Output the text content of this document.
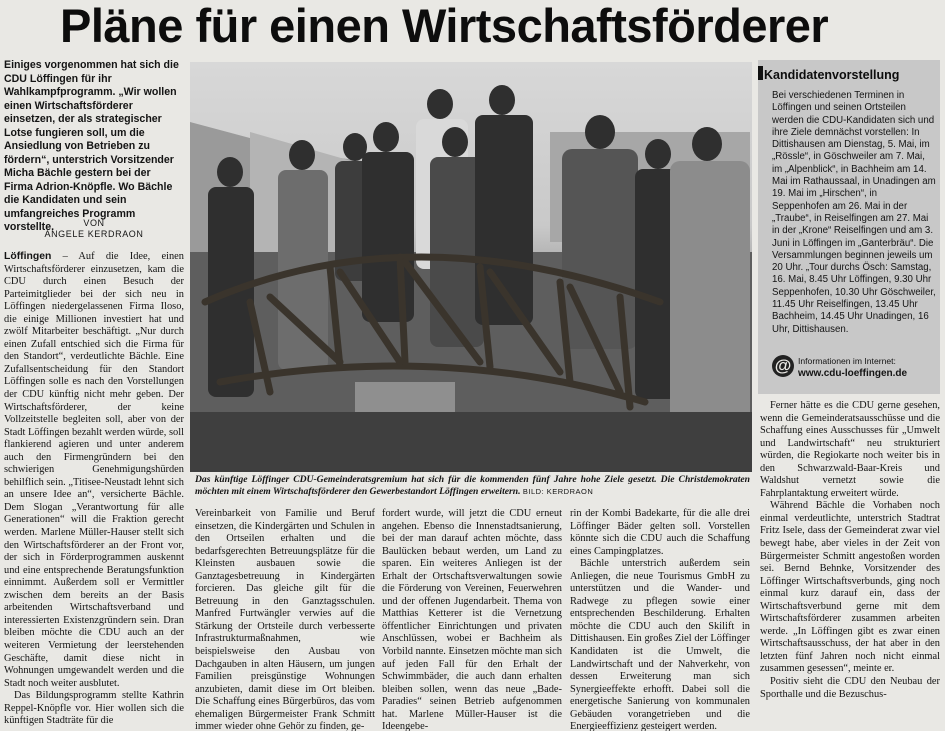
Pläne für einen Wirtschaftsförderer

Einiges vorgenommen hat sich die CDU Löffingen für ihr Wahlkampfprogramm. „Wir wollen einen Wirtschaftsförderer einsetzen, der als strategischer Lotse fungieren soll, um die Ansiedlung von Betrieben zu fördern“, unterstrich Vorsitzender Micha Bächle gestern bei der Firma Adrion-Knöpfle. Wo Bächle die Kandidaten und sein umfangreiches Programm vorstellte.	VON
ANGELE KERDRAON

Löffingen – Auf die Idee, einen Wirtschaftsförderer einzusetzen, kam die CDU durch einen Besuch der Parteimitglieder bei der sich neu in Löffingen niedergelassenen Firma Iloso, die einige Millionen investiert hat und zwölf Mitarbeiter beschäftigt. „Nur durch einen Zufall entschied sich die Firma für den Standort“, verdeutlichte Bächle. Eine Zufallsentscheidung für den Standort Löffingen solle es nach den Vorstellungen der CDU künftig nicht mehr geben. Der Wirtschaftsförderer, der keine Vollzeitstelle begleiten soll, aber von der Stadt Löffingen bezahlt werden würde, soll flankierend agieren und unter anderem auch den Firmengründern bei den schwierigen Genehmigungshürden behilflich sein. „Titisee-Neustadt lehnt sich an unsere Idee an“, versicherte Bächle. Dem Slogan „Verantwortung für alle Generationen“ will die Fraktion gerecht werden. Marlene Müller-Hauser stellt sich den Wirtschaftsförderer an der Front vor, der sich in Förderprogrammen auskennt und eine entsprechende Beratungsfunktion einnimmt. Außerdem soll er Vermittler zwischen dem bereits an der Basis arbeitenden Wirtschaftsverband und interessierten Existenzgründern sein. Dran bleiben möchte die CDU auch an der weiteren Vermietung der leerstehenden Geschäfte, damit diese nicht in Wohnungen umgewandelt werden und die Stadt noch weiter ausblutet.

Das Bildungsprogramm stellte Kathrin Reppel-Knöpfle vor. Hier wollen sich die künftigen Stadträte für die

Das künftige Löffinger CDU-Gemeinderatsgremium hat sich für die kommenden fünf Jahre hohe Ziele gesetzt. Die Christdemokraten möchten mit einem Wirtschaftsförderer den Gewerbestandort Löffingen erweitern. BILD: KERDRAON

Vereinbarkeit von Familie und Beruf einsetzen, die Kindergärten und Schulen in den Ortseilen erhalten und die bedarfsgerechten Betreuungsplätze für die Kleinsten ausbauen sowie die Ganztagesbetreuung in Kindergärten forcieren. Das gleiche gilt für die Betreuung in den Ganztagsschulen. Manfred Furtwängler verwies auf die Stärkung der Ortsteile durch verbesserte Infrastrukturmaßnahmen, wie beispielsweise den Ausbau von Dachgauben in alten Häusern, um jungen Familien preisgünstige Wohnungen anzubieten, damit diese im Ort bleiben. Die Schaffung eines Bürgerbüros, das vom ehemaligen Bürgermeister Frank Schmitt immer wieder ohne Gehör zu finden, ge-

fordert wurde, will jetzt die CDU erneut angehen. Ebenso die Innenstadtsanierung, bei der man darauf achten möchte, dass Baulücken bebaut werden, um Land zu sparen. Ein weiteres Anliegen ist der Erhalt der Ortschaftsverwaltungen sowie die Förderung von Vereinen, Feuerwehren und der offenen Jugendarbeit. Thema von Matthias Ketterer ist die Vernetzung öffentlicher Einrichtungen und privaten Anschlüssen, wobei er Bachheim als Vorbild nannte. Einsetzen möchte man sich auf jeden Fall für den Erhalt der Schwimmbäder, die auch dann erhalten bleiben sollen, wenn das neue „Bade-Paradies“ seinen Betrieb aufgenommen hat. Marlene Müller-Hauser ist die Ideengebe-

rin der Kombi Badekarte, für die alle drei Löffinger Bäder gelten soll. Vorstellen könnte sich die CDU auch die Schaffung eines Campingplatzes.

Bächle unterstrich außerdem sein Anliegen, die neue Tourismus GmbH zu unterstützen und die Wander- und Radwege zu pflegen sowie einer entsprechenden Beschilderung. Erhalten möchte die CDU auch den Skilift in Dittishausen. Ein großes Ziel der Löffinger Kandidaten ist die Umwelt, die Landwirtschaft und der Nahverkehr, von dessen Erweiterung man sich Synergieeffekte erhofft. Dabei soll die energetische Sanierung von kommunalen Gebäuden vorangetrieben und die Energieeffizienz gesteigert werden.

Ferner hätte es die CDU gerne gesehen, wenn die Gemeinderatsausschüsse und die Schaffung eines Ausschusses für „Umwelt und Landwirtschaft“ neu strukturiert würden, die Regiokarte noch weiter bis in den Schwarzwald-Baar-Kreis und Waldshut vernetzt sowie die Fahrplantaktung erweitert würde.

Während Bächle die Vorhaben noch einmal verdeutlichte, unterstrich Stadtrat Fritz Isele, dass der Gemeinderat zwar viel bewegt habe, aber vieles in der Zeit von Bürgermeister Schmitt angestoßen worden sei. Bernd Behnke, Vorsitzender des Löffinger Wirtschaftsverbunds, ging noch einmal kurz darauf ein, dass der Wirtschaftsverbund gerne mit dem Wirtschaftsförderer zusammen arbeiten werde. „In Löffingen gibt es zwar einen Wirtschaftsausschuss, der hat aber in den letzten fünf Jahren noch nicht einmal zusammen gesessen“, meinte er.

Positiv sieht die CDU den Neubau der Sporthalle und die Bezuschus-

Kandidatenvorstellung

Bei verschiedenen Terminen in Löffingen und seinen Ortsteilen werden die CDU-Kandidaten sich und ihre Ziele demnächst vorstellen: In Dittishausen am Dienstag, 5. Mai, im „Rössle“, in Göschweiler am 7. Mai, im „Alpenblick“, in Bachheim am 14. Mai im Rathaussaal, in Unadingen am 19. Mai im „Hirschen“, in Seppenhofen am 26. Mai in der „Traube“, in Reiselfingen am 27. Mai in der „Krone“ Reiselfingen und am 3. Juni in Löffingen im „Ganterbräu“. Die Versammlungen beginnen jeweils um 20 Uhr. „Tour durchs Ösch: Samstag, 16. Mai, 8.45 Uhr Löffingen, 9.30 Uhr Seppenhofen, 10.30 Uhr Göschweiler, 11.45 Uhr Reiselfingen, 13.45 Uhr Bachheim, 14.45 Uhr Unadingen, 16 Uhr, Dittishausen.

@ Informationen im Internet:
www.cdu-loeffingen.de
